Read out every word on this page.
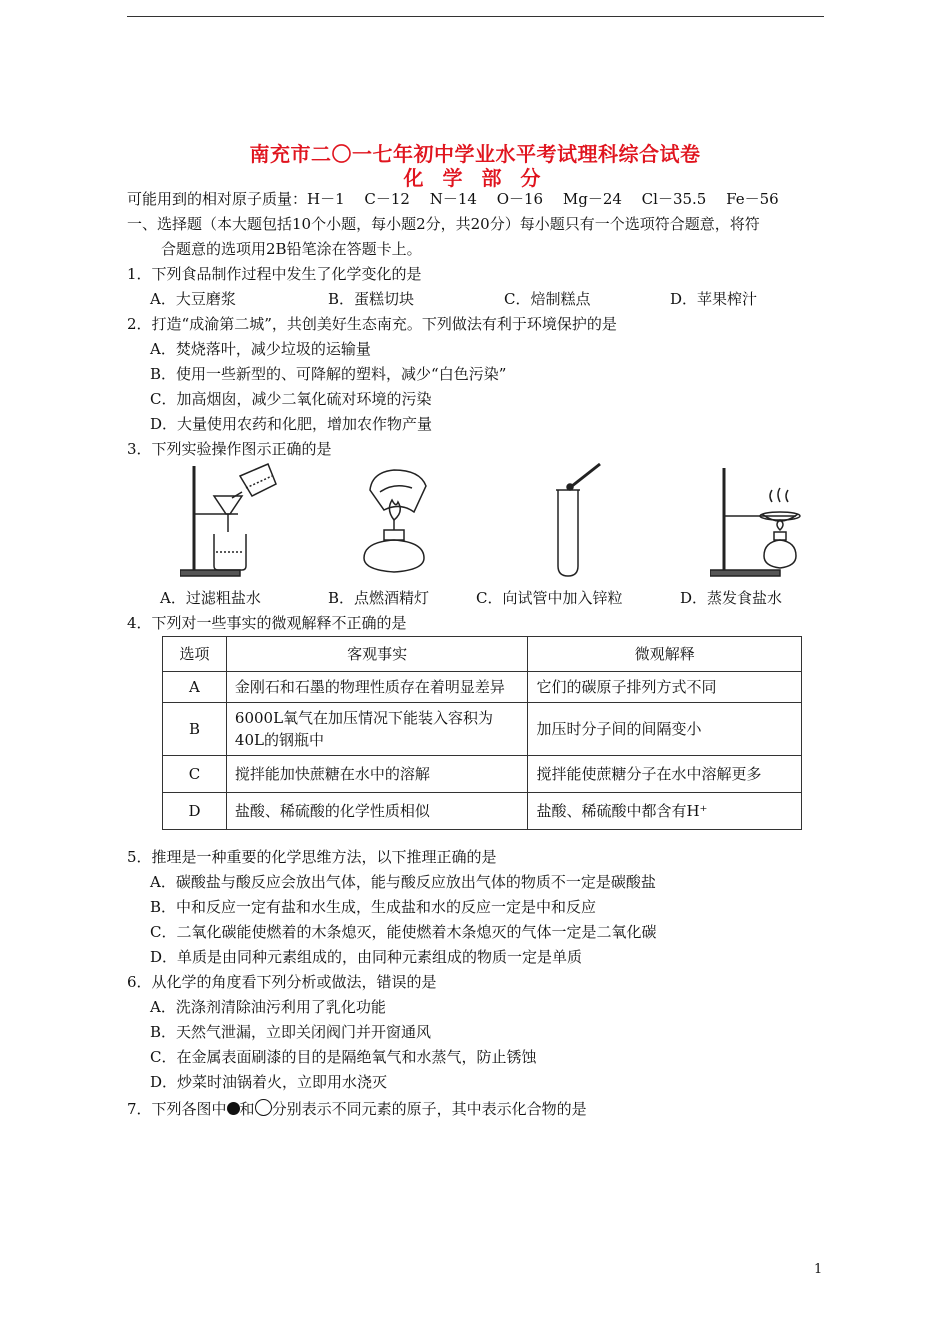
南充市二〇一七年初中学业水平考试理科综合试卷
化 学 部 分
可能用到的相对原子质量：H－1　 C－12　 N－14　 O－16　 Mg－24　 Cl－35.5　 Fe－56
一、选择题（本大题包括10个小题，每小题2分，共20分）每小题只有一个选项符合题意，将符
合题意的选项用2B铅笔涂在答题卡上。
1．下列食品制作过程中发生了化学变化的是
A．大豆磨浆	B．蛋糕切块	C．焙制糕点	D．苹果榨汁
2．打造“成渝第二城”，共创美好生态南充。下列做法有利于环境保护的是
A．焚烧落叶，减少垃圾的运输量
B．使用一些新型的、可降解的塑料，减少“白色污染”
C．加高烟囱，减少二氧化硫对环境的污染
D．大量使用农药和化肥，增加农作物产量
3．下列实验操作图示正确的是
A．过滤粗盐水	B．点燃酒精灯	C．向试管中加入锌粒	D．蒸发食盐水
4．下列对一些事实的微观解释不正确的是
选项	客观事实	微观解释
A	金刚石和石墨的物理性质存在着明显差异	它们的碳原子排列方式不同
B	6000L氧气在加压情况下能装入容积为40L的钢瓶中	加压时分子间的间隔变小
C	搅拌能加快蔗糖在水中的溶解	搅拌能使蔗糖分子在水中溶解更多
D	盐酸、稀硫酸的化学性质相似	盐酸、稀硫酸中都含有H⁺
5．推理是一种重要的化学思维方法，以下推理正确的是
A．碳酸盐与酸反应会放出气体，能与酸反应放出气体的物质不一定是碳酸盐
B．中和反应一定有盐和水生成，生成盐和水的反应一定是中和反应
C．二氧化碳能使燃着的木条熄灭，能使燃着木条熄灭的气体一定是二氧化碳
D．单质是由同种元素组成的，由同种元素组成的物质一定是单质
6．从化学的角度看下列分析或做法，错误的是
A．洗涤剂清除油污利用了乳化功能
B．天然气泄漏，立即关闭阀门并开窗通风
C．在金属表面刷漆的目的是隔绝氧气和水蒸气，防止锈蚀
D．炒菜时油锅着火，立即用水浇灭
7．下列各图中 和 分别表示不同元素的原子，其中表示化合物的是
1
